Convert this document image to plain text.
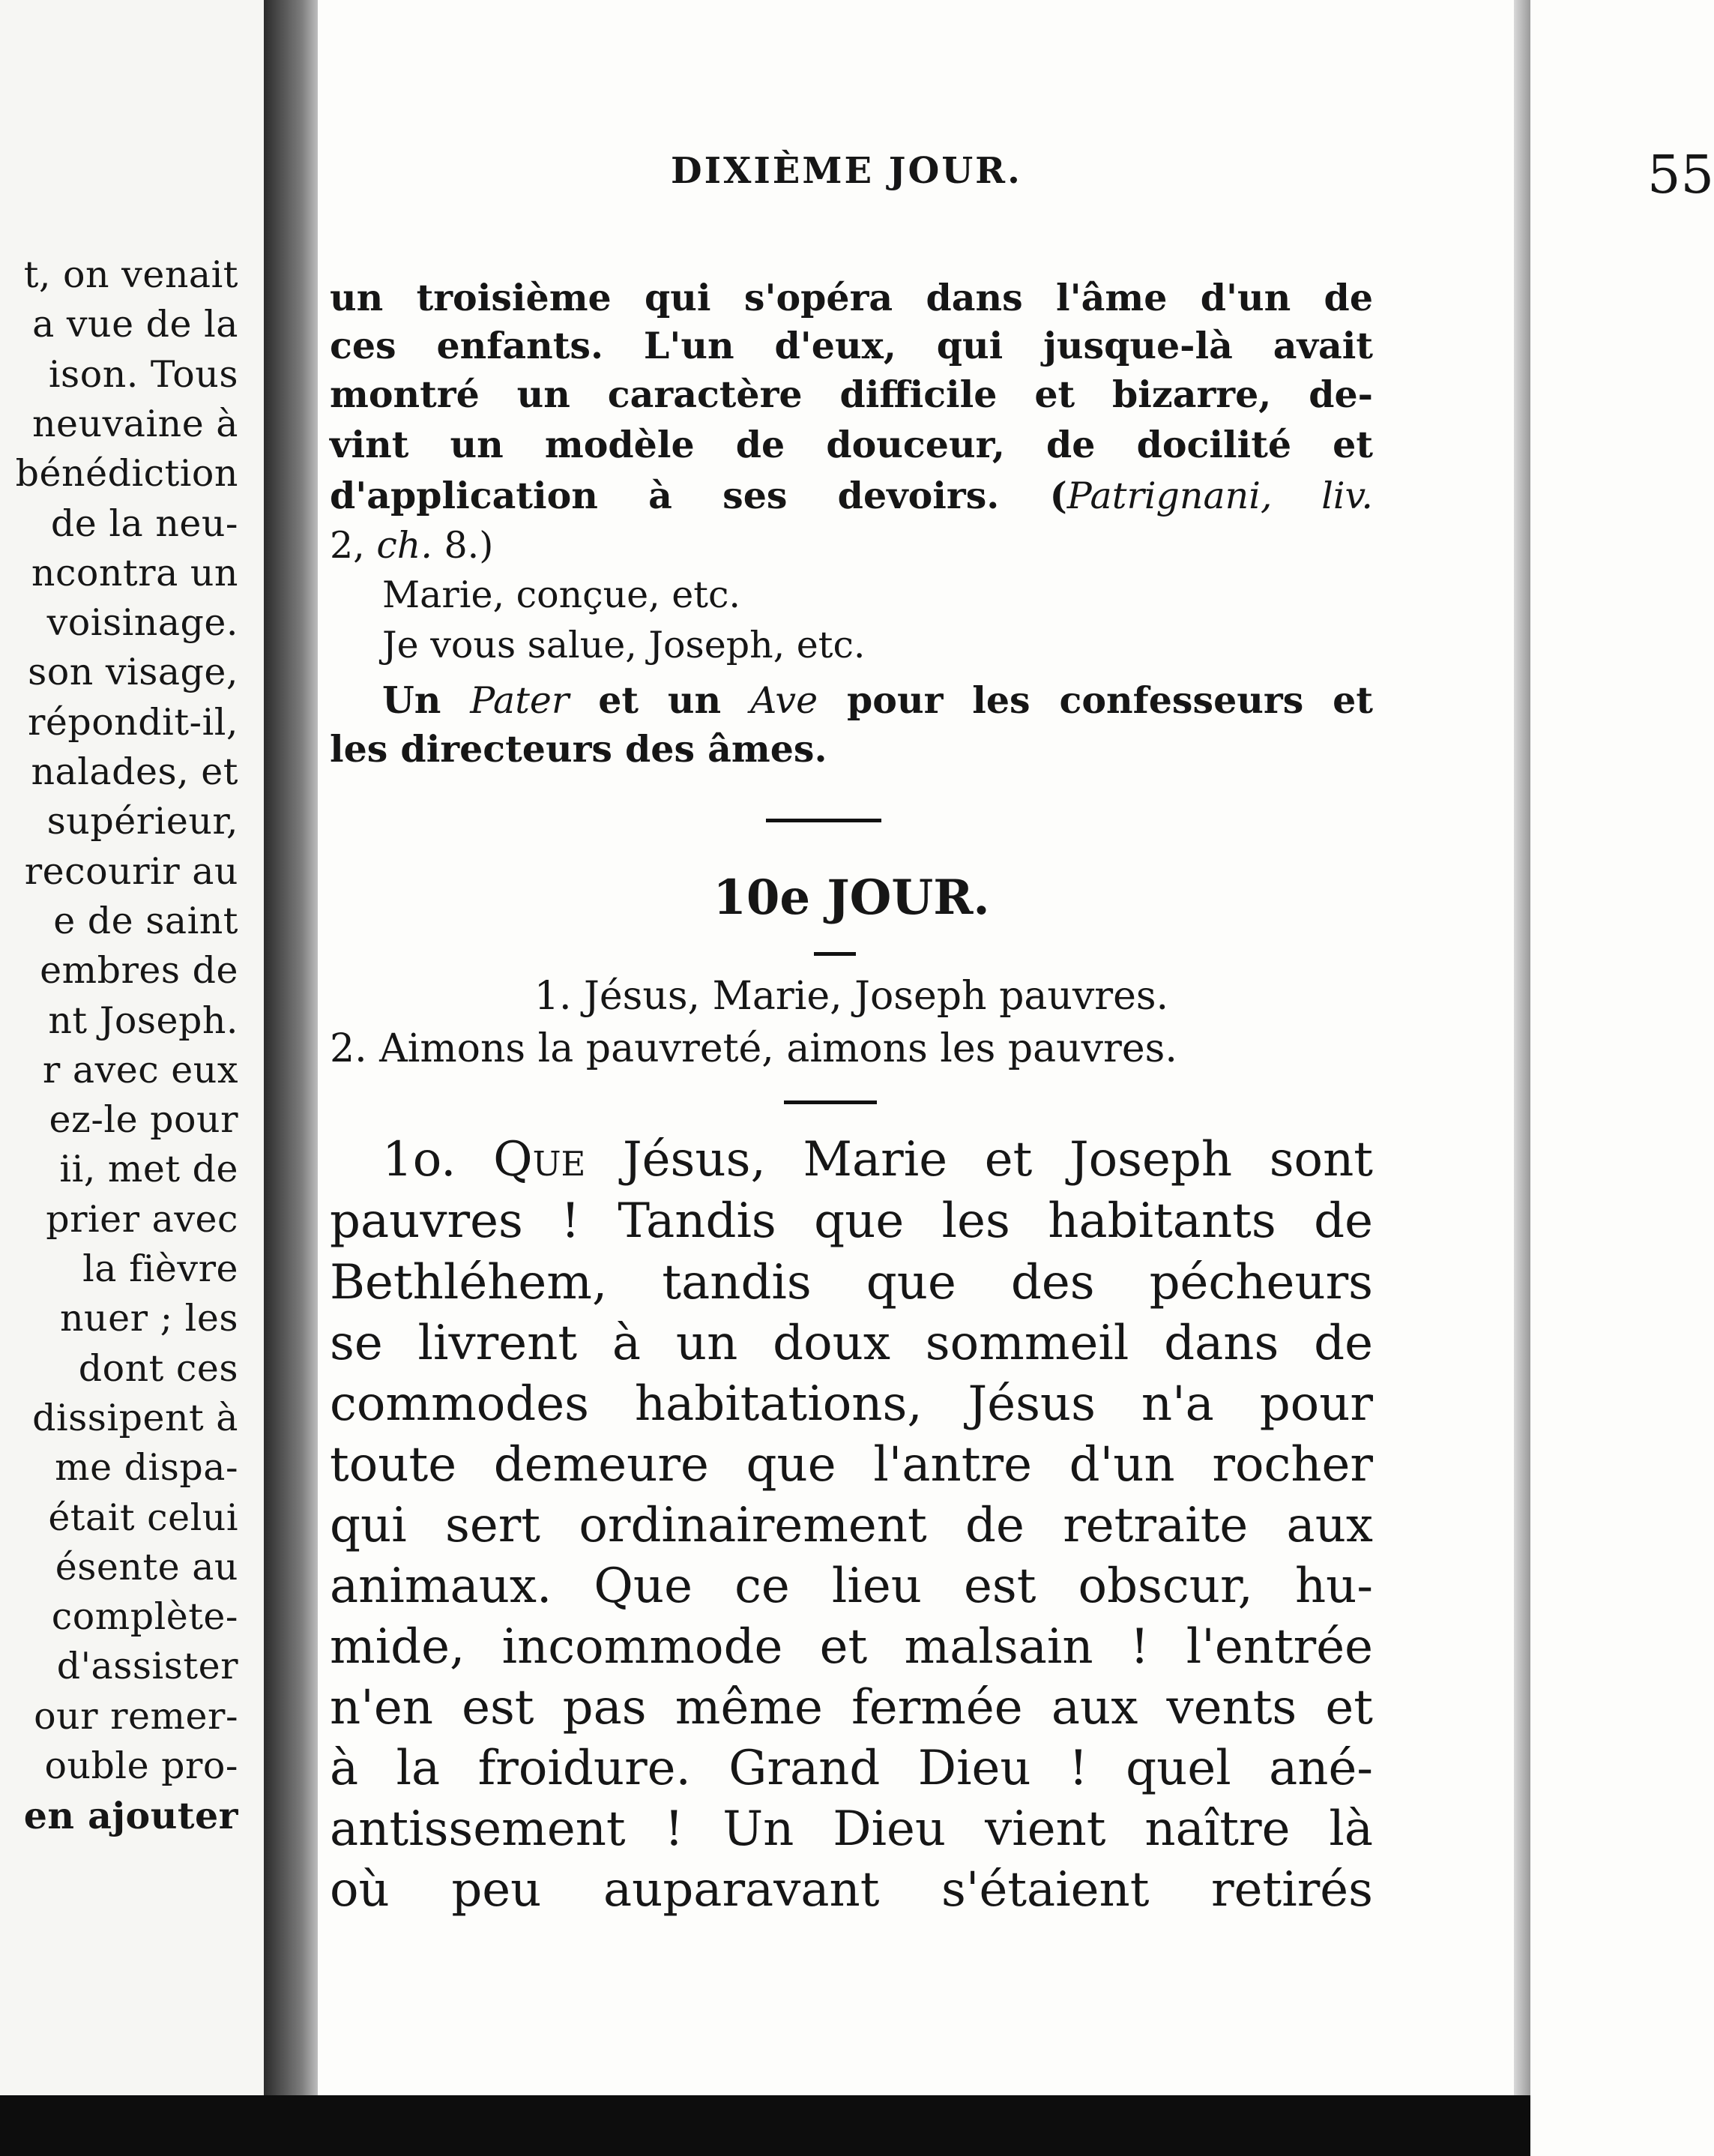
t, on venait
a vue de la
ison. Tous
neuvaine à
bénédiction
de la neu-
ncontra un
voisinage.
son visage,
répondit-il,
nalades, et
supérieur,
recourir au
e de saint
embres de
nt Joseph.
r avec eux
ez-le pour
ii, met de
prier avec
la fièvre
nuer ; les
dont ces
dissipent à
me dispa-
était celui
ésente au
complète-
d'assister
our remer-
ouble pro-
en ajouter
DIXIÈME JOUR.	55
un troisième qui s'opéra dans l'âme d'un de
ces enfants. L'un d'eux, qui jusque-là avait
montré un caractère difficile et bizarre, de-
vint un modèle de douceur, de docilité et
d'application à ses devoirs. (Patrignani, liv.
2, ch. 8.)
Marie, conçue, etc.
Je vous salue, Joseph, etc.
Un Pater et un Ave pour les confesseurs et
les directeurs des âmes.
10e JOUR.
1. Jésus, Marie, Joseph pauvres.
2. Aimons la pauvreté, aimons les pauvres.
1o. Que Jésus, Marie et Joseph sont
pauvres ! Tandis que les habitants de
Bethléhem, tandis que des pécheurs
se livrent à un doux sommeil dans de
commodes habitations, Jésus n'a pour
toute demeure que l'antre d'un rocher
qui sert ordinairement de retraite aux
animaux. Que ce lieu est obscur, hu-
mide, incommode et malsain ! l'entrée
n'en est pas même fermée aux vents et
à la froidure. Grand Dieu ! quel ané-
antissement ! Un Dieu vient naître là
où peu auparavant s'étaient retirés
